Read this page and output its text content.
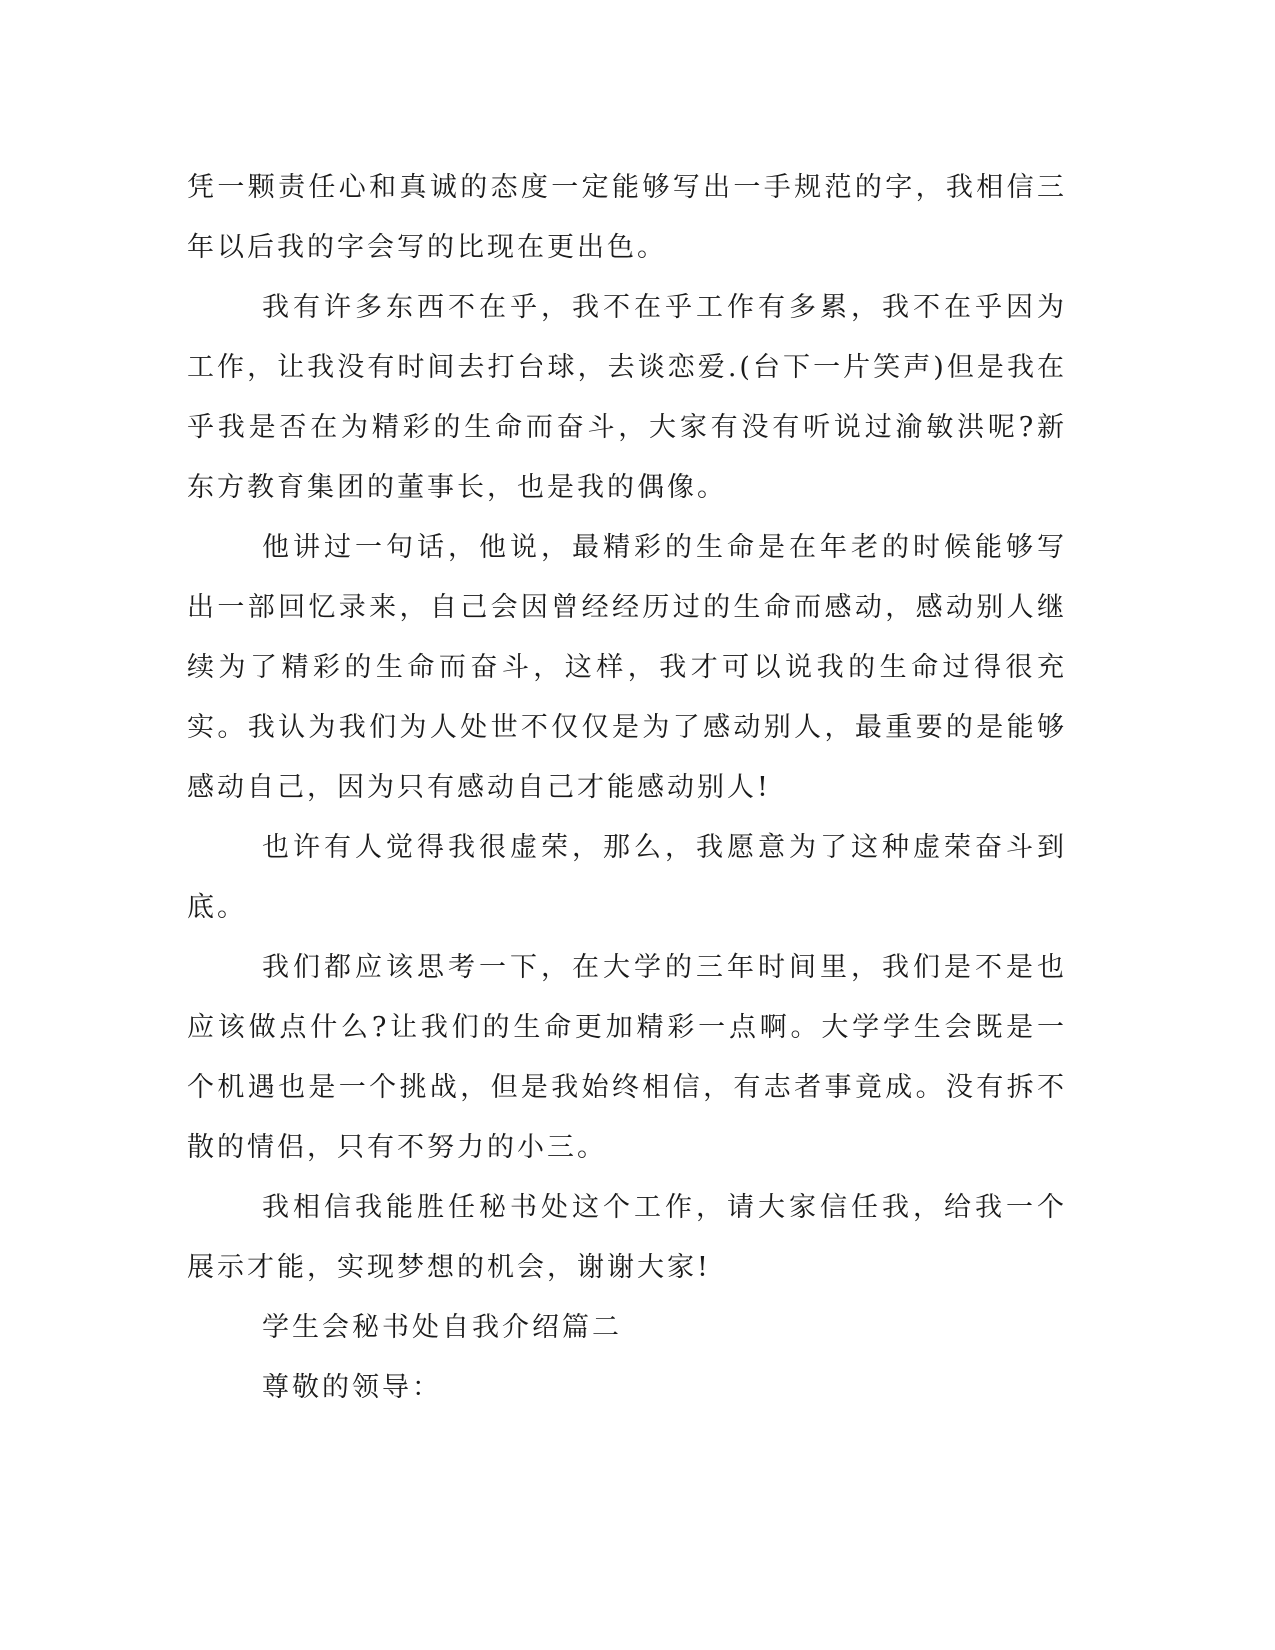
凭一颗责任心和真诚的态度一定能够写出一手规范的字，我相信三年以后我的字会写的比现在更出色。

我有许多东西不在乎，我不在乎工作有多累，我不在乎因为工作，让我没有时间去打台球，去谈恋爱.(台下一片笑声)但是我在乎我是否在为精彩的生命而奋斗，大家有没有听说过渝敏洪呢?新东方教育集团的董事长，也是我的偶像。

他讲过一句话，他说，最精彩的生命是在年老的时候能够写出一部回忆录来，自己会因曾经经历过的生命而感动，感动别人继续为了精彩的生命而奋斗，这样，我才可以说我的生命过得很充实。我认为我们为人处世不仅仅是为了感动别人，最重要的是能够感动自己，因为只有感动自己才能感动别人!

也许有人觉得我很虚荣，那么，我愿意为了这种虚荣奋斗到底。

我们都应该思考一下，在大学的三年时间里，我们是不是也应该做点什么?让我们的生命更加精彩一点啊。大学学生会既是一个机遇也是一个挑战，但是我始终相信，有志者事竟成。没有拆不散的情侣，只有不努力的小三。

我相信我能胜任秘书处这个工作，请大家信任我，给我一个展示才能，实现梦想的机会，谢谢大家!

学生会秘书处自我介绍篇二

尊敬的领导：
